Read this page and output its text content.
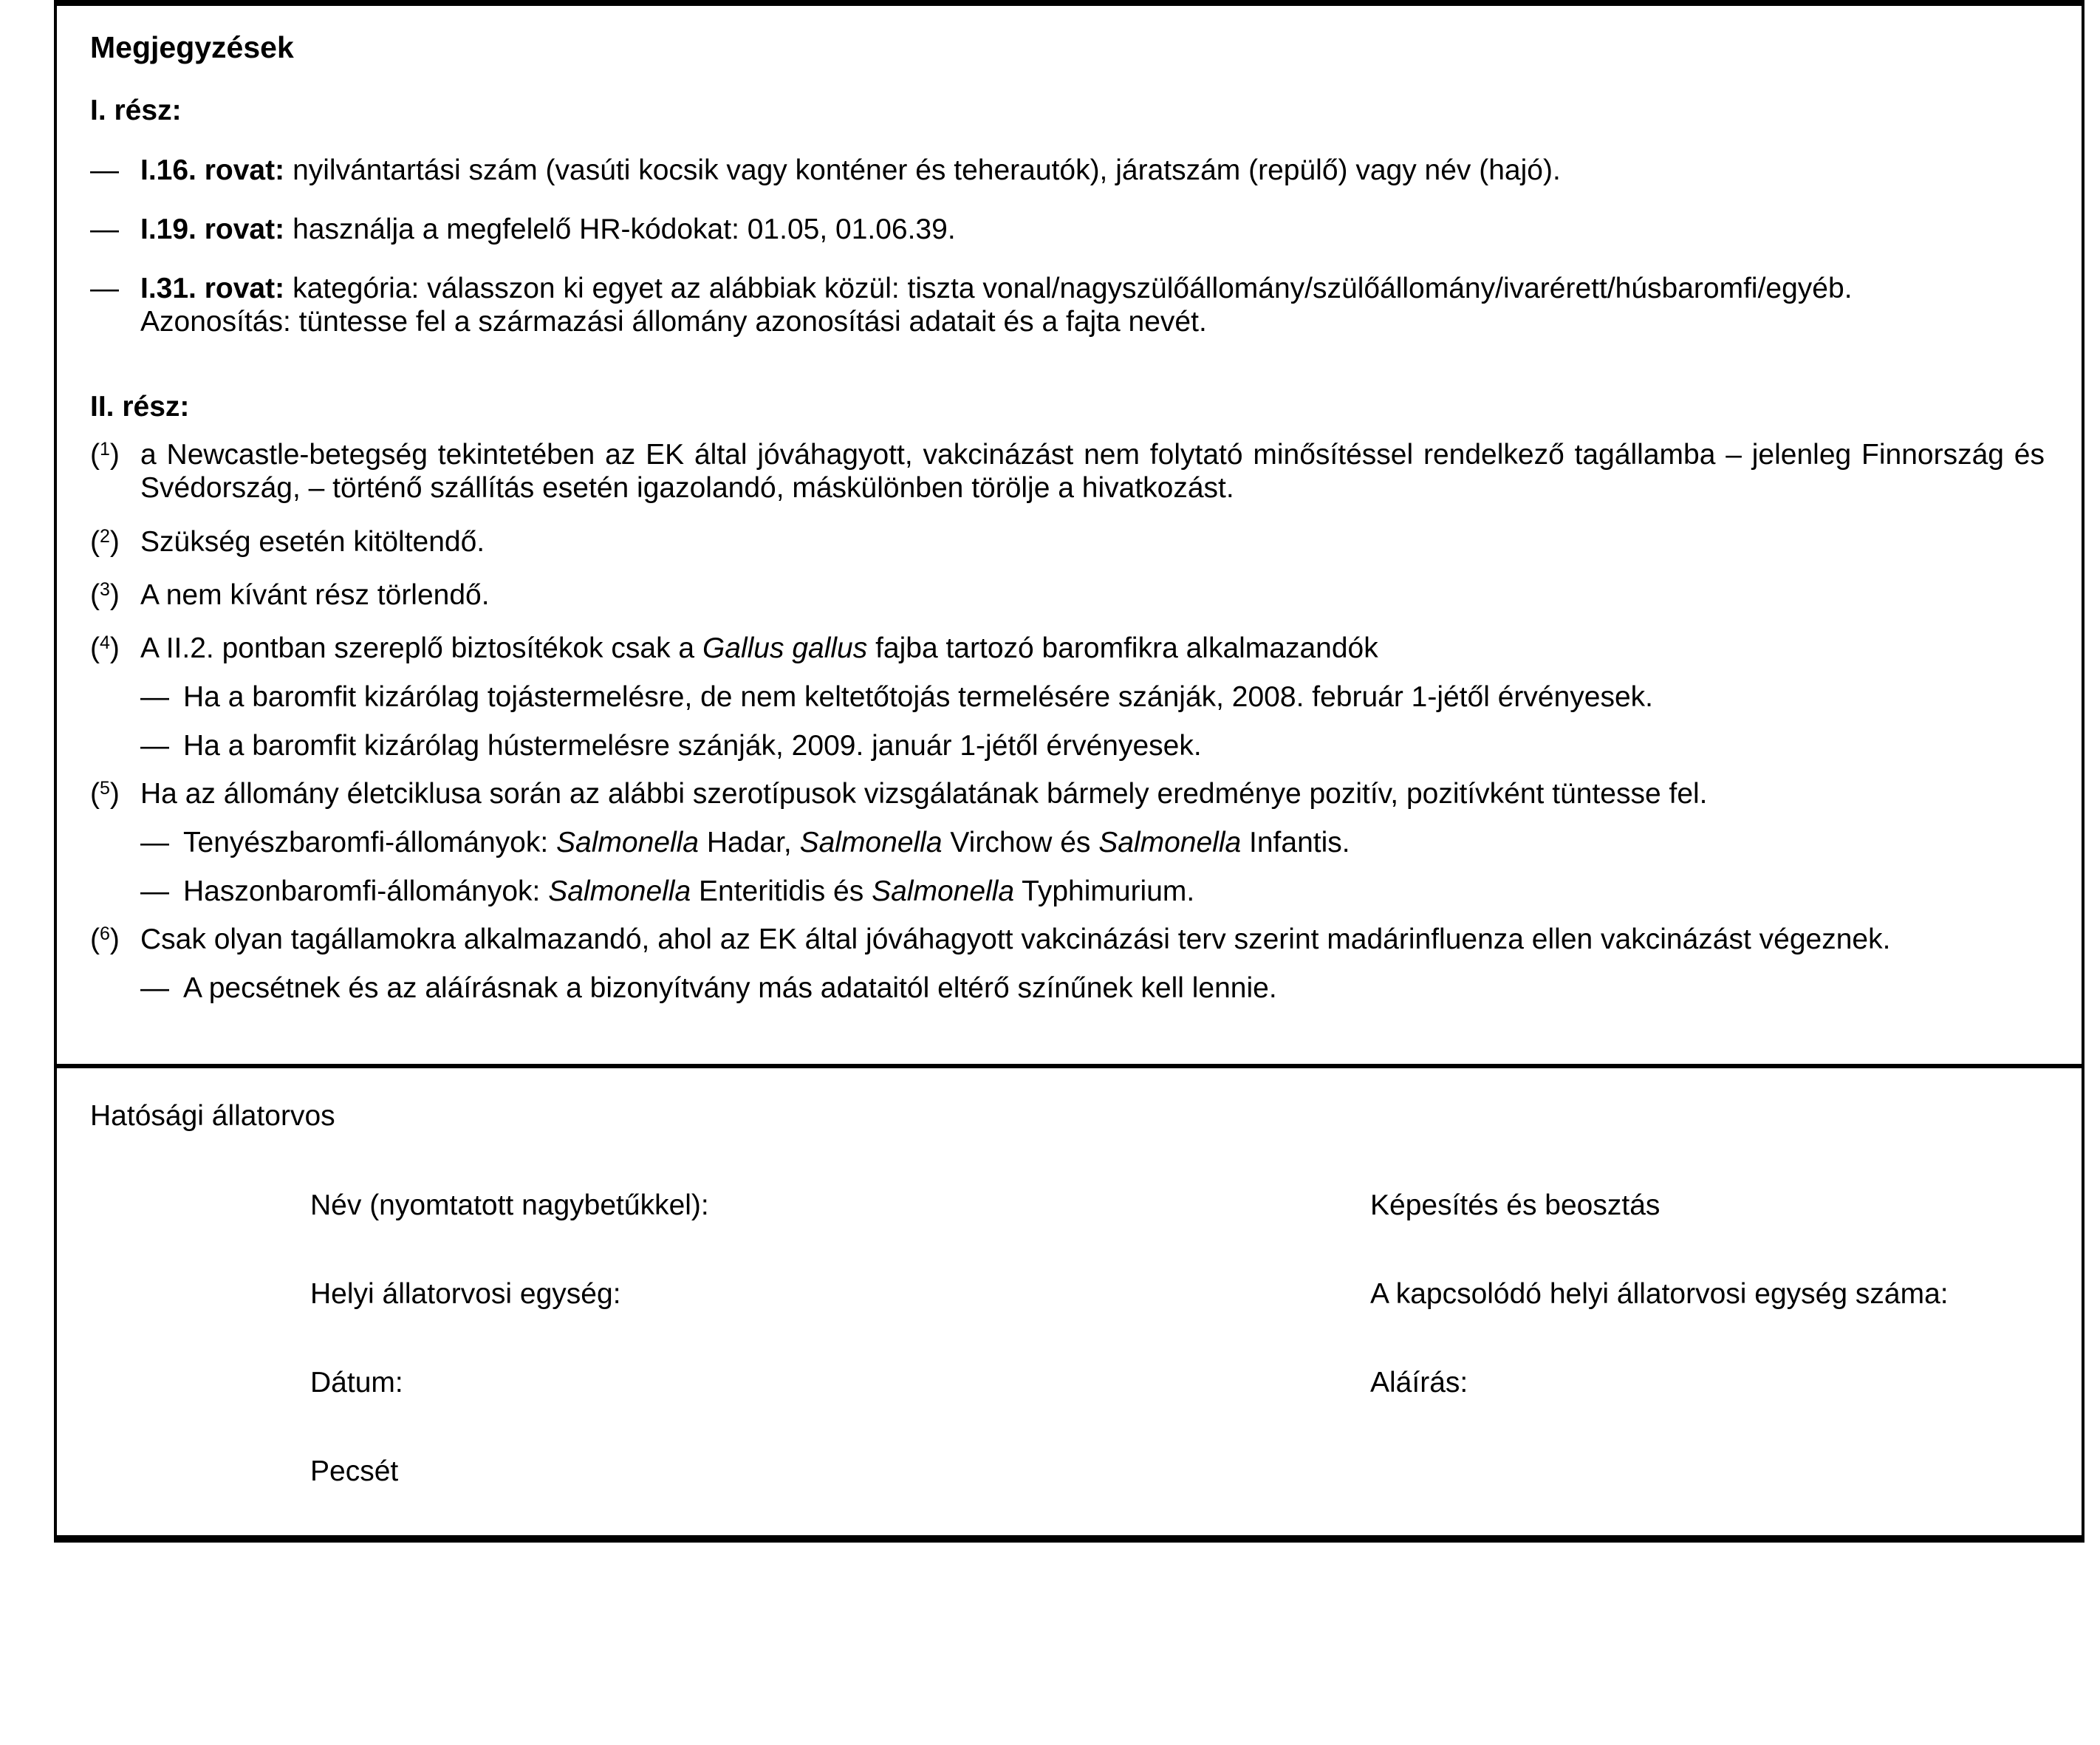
Megjegyzések
I. rész:
— I.16. rovat: nyilvántartási szám (vasúti kocsik vagy konténer és teherautók), járatszám (repülő) vagy név (hajó).
— I.19. rovat: használja a megfelelő HR-kódokat: 01.05, 01.06.39.
— I.31. rovat: kategória: válasszon ki egyet az alábbiak közül: tiszta vonal/nagyszülőállomány/szülőállomány/ivarérett/húsbaromfi/egyéb.
Azonosítás: tüntesse fel a származási állomány azonosítási adatait és a fajta nevét.
II. rész:
($^1$) a Newcastle-betegség tekintetében az EK által jóváhagyott, vakcinázást nem folytató minősítéssel rendelkező tagállamba – jelenleg Finnország és Svédország, – történő szállítás esetén igazolandó, máskülönben törölje a hivatkozást.
($^2$) Szükség esetén kitöltendő.
($^3$) A nem kívánt rész törlendő.
($^4$) A II.2. pontban szereplő biztosítékok csak a Gallus gallus fajba tartozó baromfikra alkalmazandók
— Ha a baromfit kizárólag tojástermelésre, de nem keltetőtojás termelésére szánják, 2008. február 1-jétől érvényesek.
— Ha a baromfit kizárólag hústermelésre szánják, 2009. január 1-jétől érvényesek.
($^5$) Ha az állomány életciklusa során az alábbi szerotípusok vizsgálatának bármely eredménye pozitív, pozitívként tüntesse fel.
— Tenyészbaromfi-állományok: Salmonella Hadar, Salmonella Virchow és Salmonella Infantis.
— Haszonbaromfi-állományok: Salmonella Enteritidis és Salmonella Typhimurium.
($^6$) Csak olyan tagállamokra alkalmazandó, ahol az EK által jóváhagyott vakcinázási terv szerint madárinfluenza ellen vakcinázást végeznek.
— A pecsétnek és az aláírásnak a bizonyítvány más adataitól eltérő színűnek kell lennie.
Hatósági állatorvos
Név (nyomtatott nagybetűkkel):	Képesítés és beosztás
Helyi állatorvosi egység:	A kapcsolódó helyi állatorvosi egység száma:
Dátum:	Aláírás:
Pecsét
